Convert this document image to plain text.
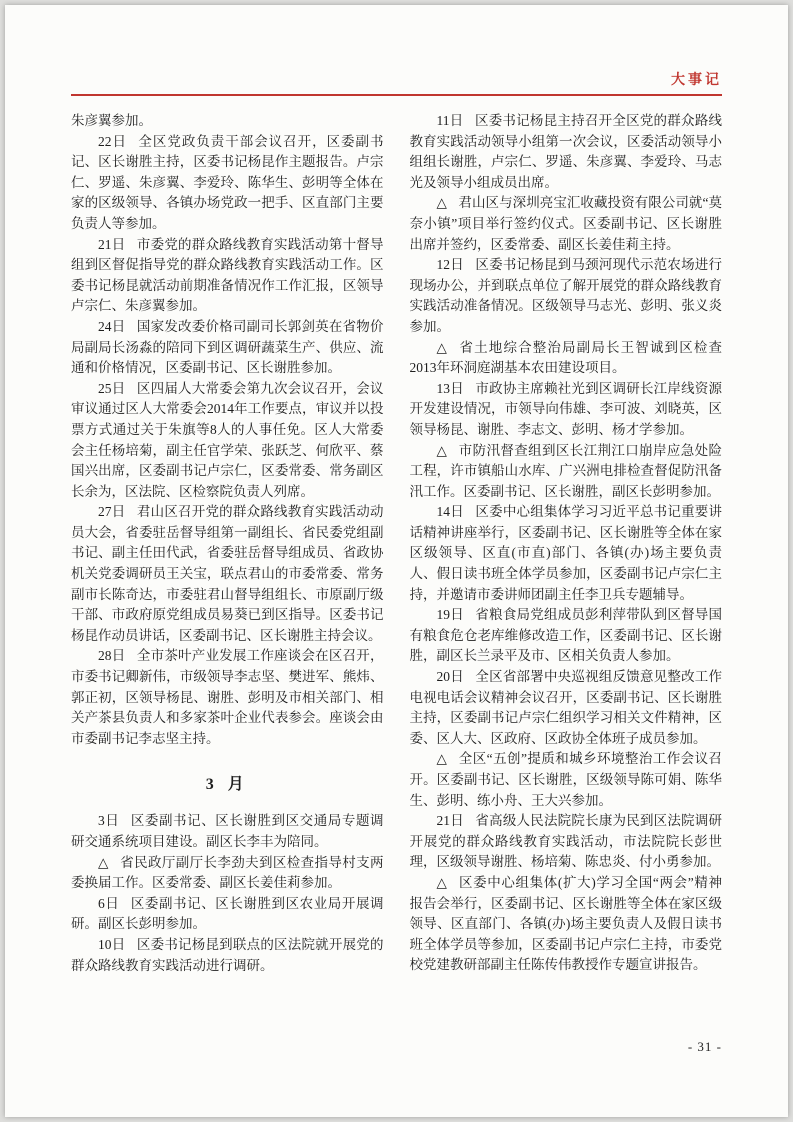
大事记

朱彦翼参加。

22日 全区党政负责干部会议召开，区委副书记、区长谢胜主持，区委书记杨昆作主题报告。卢宗仁、罗遥、朱彦翼、李爱玲、陈华生、彭明等全体在家的区级领导、各镇办场党政一把手、区直部门主要负责人等参加。

21日 市委党的群众路线教育实践活动第十督导组到区督促指导党的群众路线教育实践活动工作。区委书记杨昆就活动前期准备情况作工作汇报，区领导卢宗仁、朱彦翼参加。

24日 国家发改委价格司副司长郭剑英在省物价局副局长汤淼的陪同下到区调研蔬菜生产、供应、流通和价格情况，区委副书记、区长谢胜参加。

25日 区四届人大常委会第九次会议召开，会议审议通过区人大常委会2014年工作要点，审议并以投票方式通过关于朱旗等8人的人事任免。区人大常委会主任杨培菊，副主任官学荣、张跃芝、何欣平、蔡国兴出席，区委副书记卢宗仁，区委常委、常务副区长余为，区法院、区检察院负责人列席。

27日 君山区召开党的群众路线教育实践活动动员大会，省委驻岳督导组第一副组长、省民委党组副书记、副主任田代武，省委驻岳督导组成员、省政协机关党委调研员王关宝，联点君山的市委常委、常务副市长陈奇达，市委驻君山督导组组长、市原副厅级干部、市政府原党组成员易葵已到区指导。区委书记杨昆作动员讲话，区委副书记、区长谢胜主持会议。

28日 全市茶叶产业发展工作座谈会在区召开，市委书记卿新伟，市级领导李志坚、樊进军、熊炜、郭正初，区领导杨昆、谢胜、彭明及市相关部门、相关产茶县负责人和多家茶叶企业代表参会。座谈会由市委副书记李志坚主持。

3 月

3日 区委副书记、区长谢胜到区交通局专题调研交通系统项目建设。副区长李丰为陪同。

△ 省民政厅副厅长李劲夫到区检查指导村支两委换届工作。区委常委、副区长姜佳莉参加。

6日 区委副书记、区长谢胜到区农业局开展调研。副区长彭明参加。

10日 区委书记杨昆到联点的区法院就开展党的群众路线教育实践活动进行调研。

11日 区委书记杨昆主持召开全区党的群众路线教育实践活动领导小组第一次会议，区委活动领导小组组长谢胜，卢宗仁、罗遥、朱彦翼、李爱玲、马志光及领导小组成员出席。

△ 君山区与深圳亮宝汇收藏投资有限公司就“莫奈小镇”项目举行签约仪式。区委副书记、区长谢胜出席并签约，区委常委、副区长姜佳莉主持。

12日 区委书记杨昆到马颈河现代示范农场进行现场办公，并到联点单位了解开展党的群众路线教育实践活动准备情况。区级领导马志光、彭明、张义炎参加。

△ 省土地综合整治局副局长王智诚到区检查2013年环洞庭湖基本农田建设项目。

13日 市政协主席赖社光到区调研长江岸线资源开发建设情况，市领导向伟雄、李可波、刘晓英，区领导杨昆、谢胜、李志文、彭明、杨才学参加。

△ 市防汛督查组到区长江荆江口崩岸应急处险工程，许市镇船山水库、广兴洲电排检查督促防汛备汛工作。区委副书记、区长谢胜，副区长彭明参加。

14日 区委中心组集体学习习近平总书记重要讲话精神讲座举行，区委副书记、区长谢胜等全体在家区级领导、区直(市直)部门、各镇(办)场主要负责人、假日读书班全体学员参加，区委副书记卢宗仁主持，并邀请市委讲师团副主任李卫兵专题辅导。

19日 省粮食局党组成员彭利萍带队到区督导国有粮食危仓老库维修改造工作，区委副书记、区长谢胜，副区长兰录平及市、区相关负责人参加。

20日 全区省部署中央巡视组反馈意见整改工作电视电话会议精神会议召开，区委副书记、区长谢胜主持，区委副书记卢宗仁组织学习相关文件精神，区委、区人大、区政府、区政协全体班子成员参加。

△ 全区“五创”提质和城乡环境整治工作会议召开。区委副书记、区长谢胜，区级领导陈可娟、陈华生、彭明、练小舟、王大兴参加。

21日 省高级人民法院院长康为民到区法院调研开展党的群众路线教育实践活动，市法院院长彭世理，区级领导谢胜、杨培菊、陈忠炎、付小勇参加。

△ 区委中心组集体(扩大)学习全国“两会”精神报告会举行，区委副书记、区长谢胜等全体在家区级领导、区直部门、各镇(办)场主要负责人及假日读书班全体学员等参加，区委副书记卢宗仁主持，市委党校党建教研部副主任陈传伟教授作专题宣讲报告。

- 31 -
